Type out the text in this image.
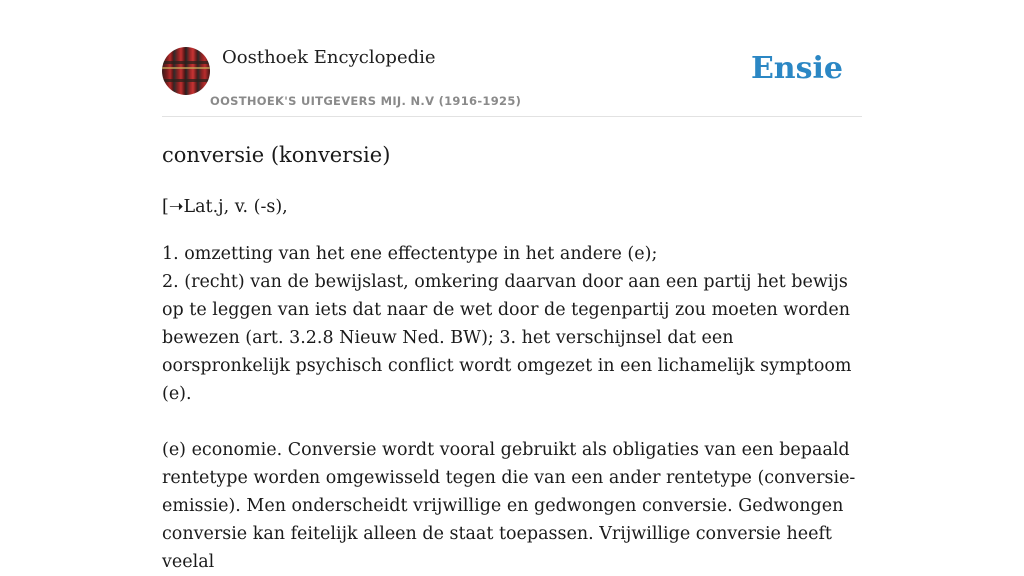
Oosthoek Encyclopedie
OOSTHOEK'S UITGEVERS MIJ. N.V (1916-1925)
Ensie
conversie (konversie)

[➝Lat.j, v. (-s),

1. omzetting van het ene effectentype in het andere (e);

2. (recht) van de bewijslast, omkering daarvan door aan een partij het bewijs op te leggen van iets dat naar de wet door de tegenpartij zou moeten worden bewezen (art. 3.2.8 Nieuw Ned. BW); 3. het verschijnsel dat een oorspronkelijk psychisch conflict wordt omgezet in een lichamelijk symptoom (e).

(e) economie. Conversie wordt vooral gebruikt als obligaties van een bepaald rentetype worden omgewisseld tegen die van een ander rentetype (conversie-emissie). Men onderscheidt vrijwillige en gedwongen conversie. Gedwongen conversie kan feitelijk alleen de staat toepassen. Vrijwillige conversie heeft veelal
